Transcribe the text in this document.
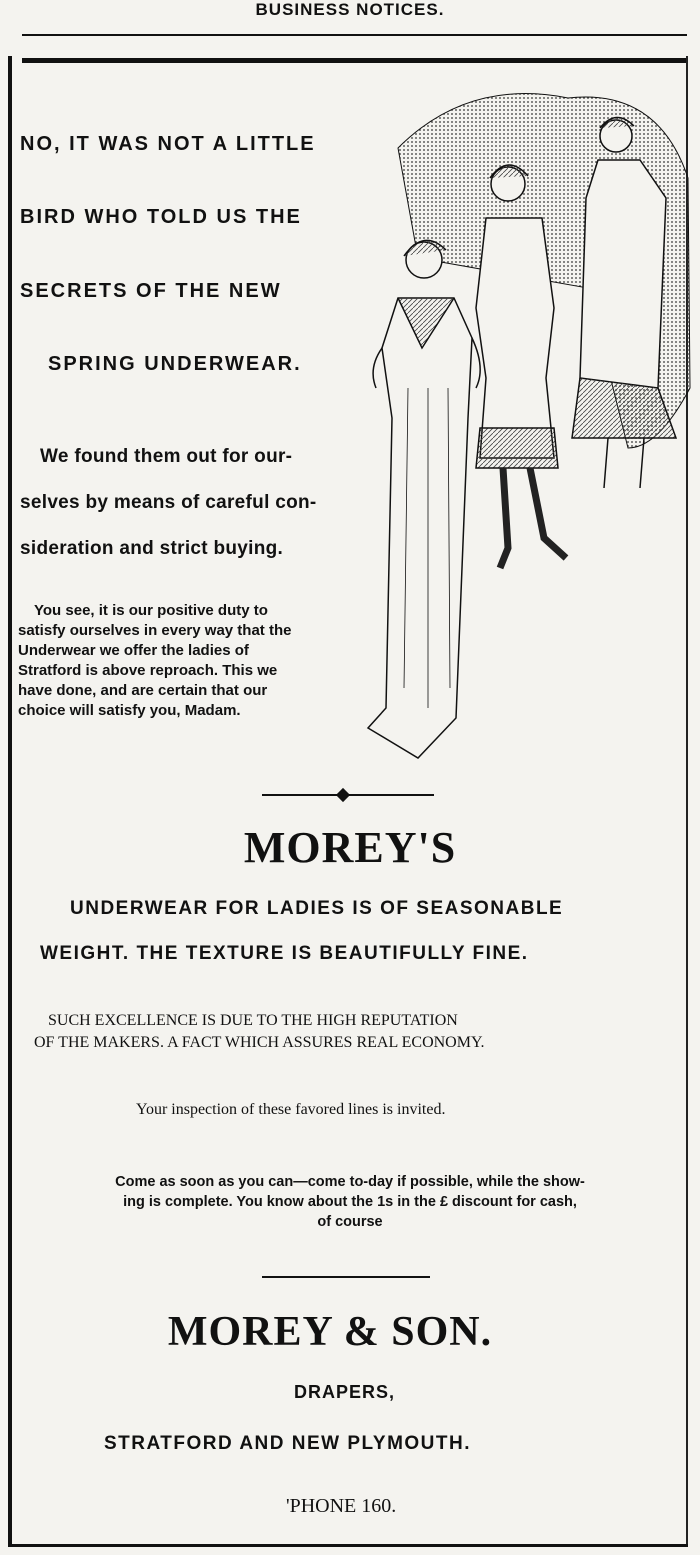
BUSINESS NOTICES.
NO, IT WAS NOT A LITTLE
BIRD WHO TOLD US THE
SECRETS OF THE NEW
SPRING UNDERWEAR.
We found them out for our-
selves by means of careful con-
sideration and strict buying.
You see, it is our positive duty to
satisfy ourselves in every way that the
Underwear we offer the ladies of
Stratford is above reproach. This we
have done, and are certain that our
choice will satisfy you, Madam.
MOREY'S
UNDERWEAR FOR LADIES IS OF SEASONABLE
WEIGHT. THE TEXTURE IS BEAUTIFULLY FINE.
SUCH EXCELLENCE IS DUE TO THE HIGH REPUTATION
OF THE MAKERS. A FACT WHICH ASSURES REAL ECONOMY.
Your inspection of these favored lines is invited.
Come as soon as you can—come to-day if possible, while the show-
ing is complete. You know about the 1s in the £ discount for cash,
of course
MOREY & SON.
DRAPERS,
STRATFORD AND NEW PLYMOUTH.
'PHONE 160.
